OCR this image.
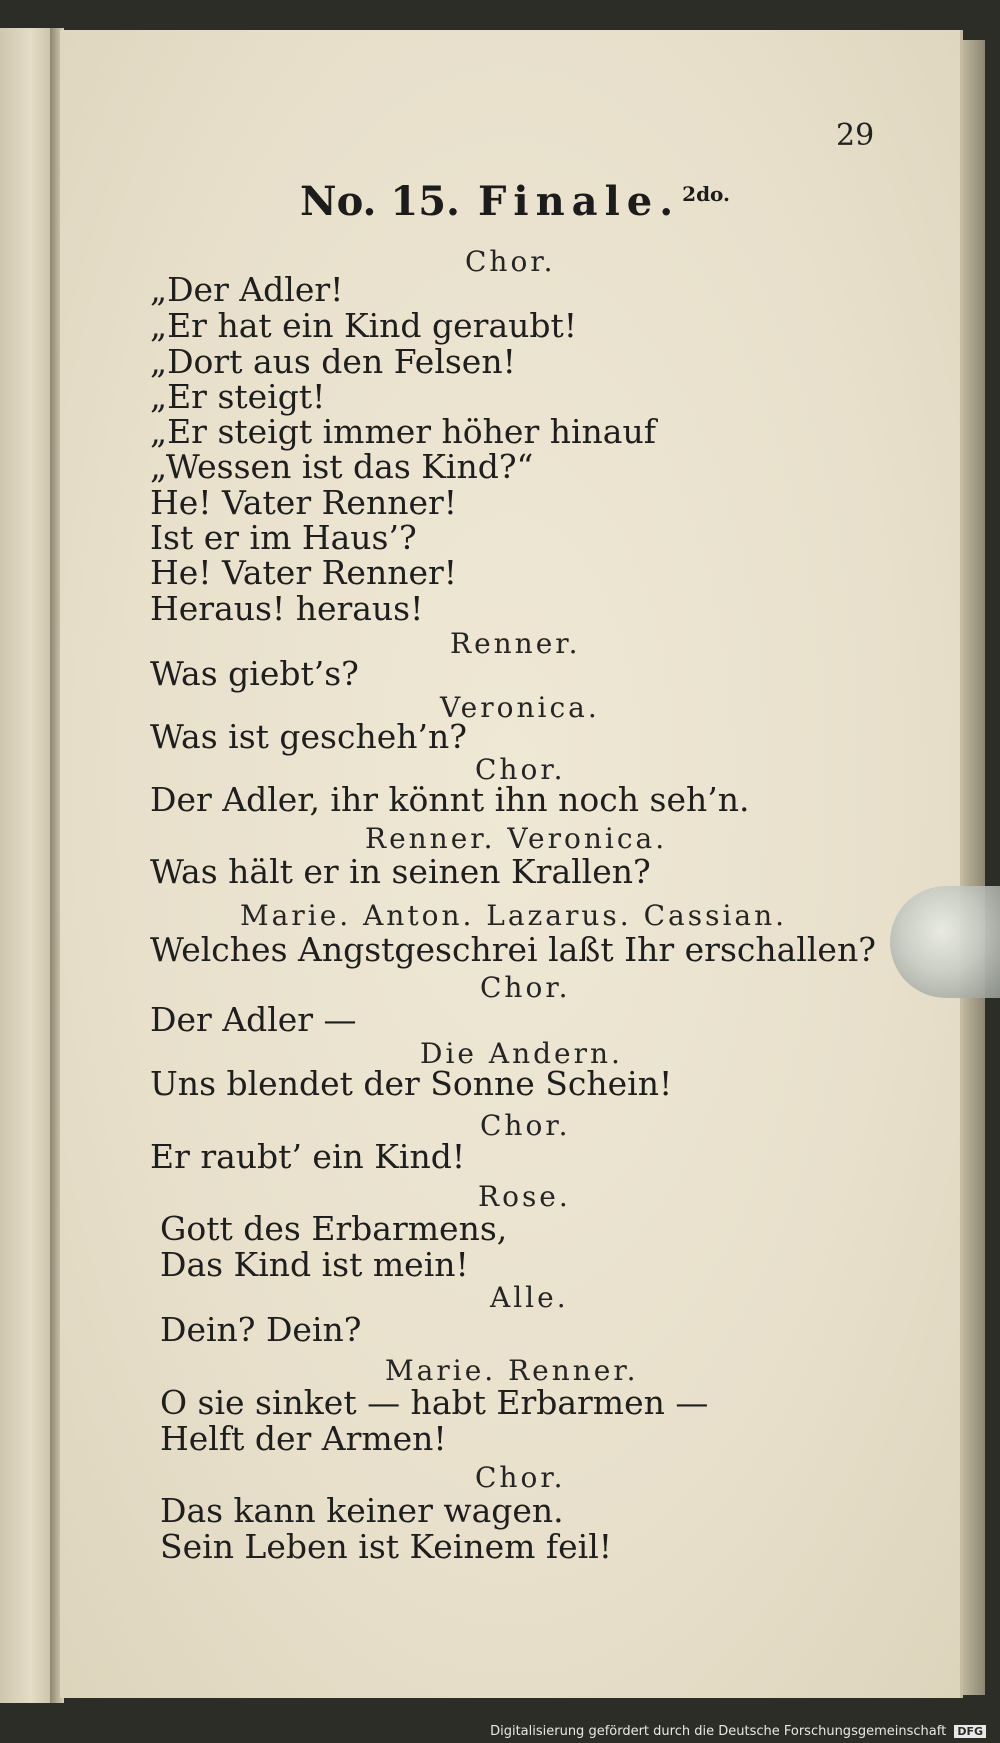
29
No. 15. Finale. $^{2do.}$
Chor.
„Der Adler!
„Er hat ein Kind geraubt!
„Dort aus den Felsen!
„Er steigt!
„Er steigt immer höher hinauf
„Wessen ist das Kind?“
He! Vater Renner!
Ist er im Haus’?
He! Vater Renner!
Heraus! heraus!
Renner.
Was giebt’s?
Veronica.
Was ist gescheh’n?
Chor.
Der Adler, ihr könnt ihn noch seh’n.
Renner. Veronica.
Was hält er in seinen Krallen?
Marie. Anton. Lazarus. Cassian.
Welches Angstgeschrei laßt Ihr erschallen?
Chor.
Der Adler —
Die Andern.
Uns blendet der Sonne Schein!
Chor.
Er raubt’ ein Kind!
Rose.
Gott des Erbarmens,
Das Kind ist mein!
Alle.
Dein? Dein?
Marie. Renner.
O sie sinket — habt Erbarmen —
Helft der Armen!
Chor.
Das kann keiner wagen.
Sein Leben ist Keinem feil!
Digitalisierung gefördert durch die Deutsche Forschungsgemeinschaft DFG
